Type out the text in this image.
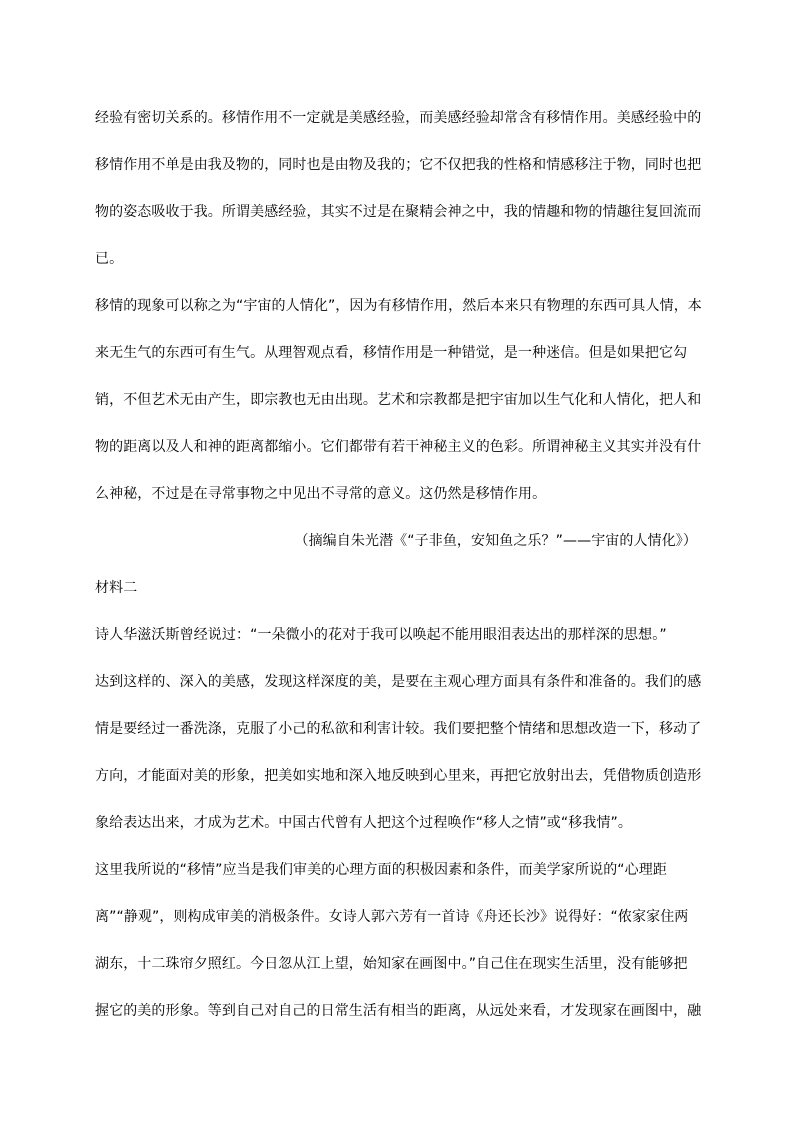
经验有密切关系的。移情作用不一定就是美感经验，而美感经验却常含有移情作用。美感经验中的
移情作用不单是由我及物的，同时也是由物及我的；它不仅把我的性格和情感移注于物，同时也把
物的姿态吸收于我。所谓美感经验，其实不过是在聚精会神之中，我的情趣和物的情趣往复回流而
已。
移情的现象可以称之为“宇宙的人情化”，因为有移情作用，然后本来只有物理的东西可具人情，本
来无生气的东西可有生气。从理智观点看，移情作用是一种错觉，是一种迷信。但是如果把它勾
销，不但艺术无由产生，即宗教也无由出现。艺术和宗教都是把宇宙加以生气化和人情化，把人和
物的距离以及人和神的距离都缩小。它们都带有若干神秘主义的色彩。所谓神秘主义其实并没有什
么神秘，不过是在寻常事物之中见出不寻常的意义。这仍然是移情作用。
（摘编自朱光潜《“子非鱼，安知鱼之乐？”——宇宙的人情化》）
材料二
诗人华滋沃斯曾经说过：“一朵微小的花对于我可以唤起不能用眼泪表达出的那样深的思想。”
达到这样的、深入的美感，发现这样深度的美，是要在主观心理方面具有条件和准备的。我们的感
情是要经过一番洗涤，克服了小己的私欲和利害计较。我们要把整个情绪和思想改造一下，移动了
方向，才能面对美的形象，把美如实地和深入地反映到心里来，再把它放射出去，凭借物质创造形
象给表达出来，才成为艺术。中国古代曾有人把这个过程唤作“移人之情”或“移我情”。
这里我所说的“移情”应当是我们审美的心理方面的积极因素和条件，而美学家所说的“心理距
离”“静观”，则构成审美的消极条件。女诗人郭六芳有一首诗《舟还长沙》说得好：“侬家家住两
湖东，十二珠帘夕照红。今日忽从江上望，始知家在画图中。”自己住在现实生活里，没有能够把
握它的美的形象。等到自己对自己的日常生活有相当的距离，从远处来看，才发现家在画图中，融
